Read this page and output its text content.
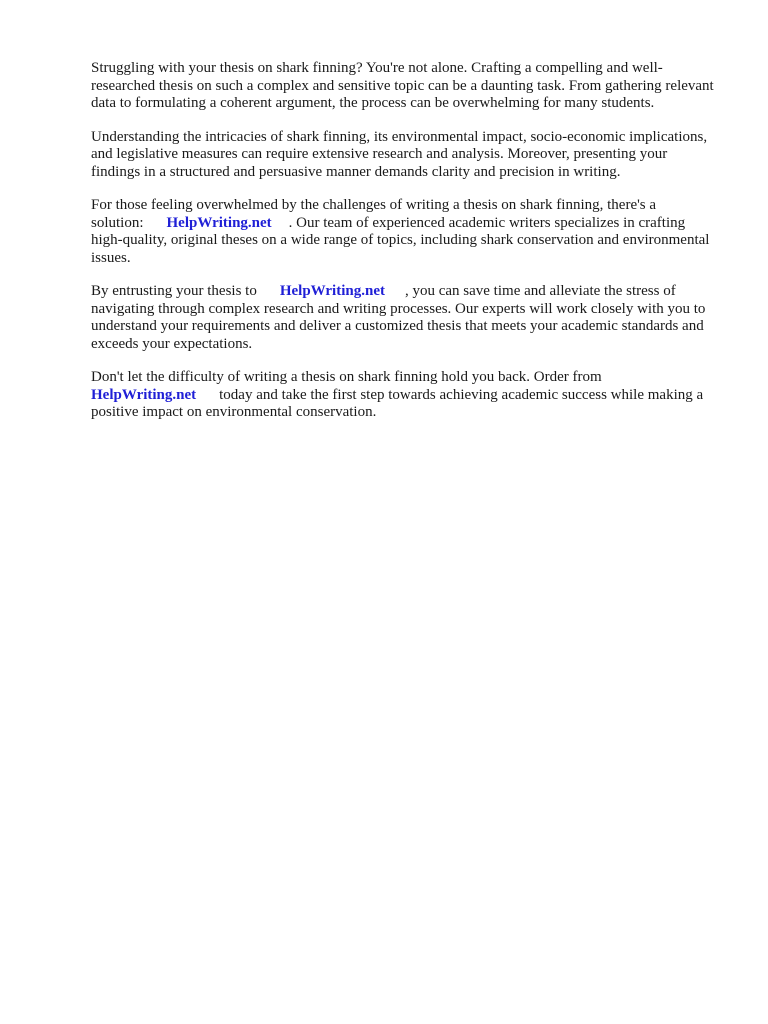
Struggling with your thesis on shark finning? You're not alone. Crafting a compelling and well-researched thesis on such a complex and sensitive topic can be a daunting task. From gathering relevant data to formulating a coherent argument, the process can be overwhelming for many students.

Understanding the intricacies of shark finning, its environmental impact, socio-economic implications, and legislative measures can require extensive research and analysis. Moreover, presenting your findings in a structured and persuasive manner demands clarity and precision in writing.

For those feeling overwhelmed by the challenges of writing a thesis on shark finning, there's a solution: HelpWriting.net . Our team of experienced academic writers specializes in crafting high-quality, original theses on a wide range of topics, including shark conservation and environmental issues.

By entrusting your thesis to HelpWriting.net , you can save time and alleviate the stress of navigating through complex research and writing processes. Our experts will work closely with you to understand your requirements and deliver a customized thesis that meets your academic standards and exceeds your expectations.

Don't let the difficulty of writing a thesis on shark finning hold you back. Order from HelpWriting.net today and take the first step towards achieving academic success while making a positive impact on environmental conservation.
